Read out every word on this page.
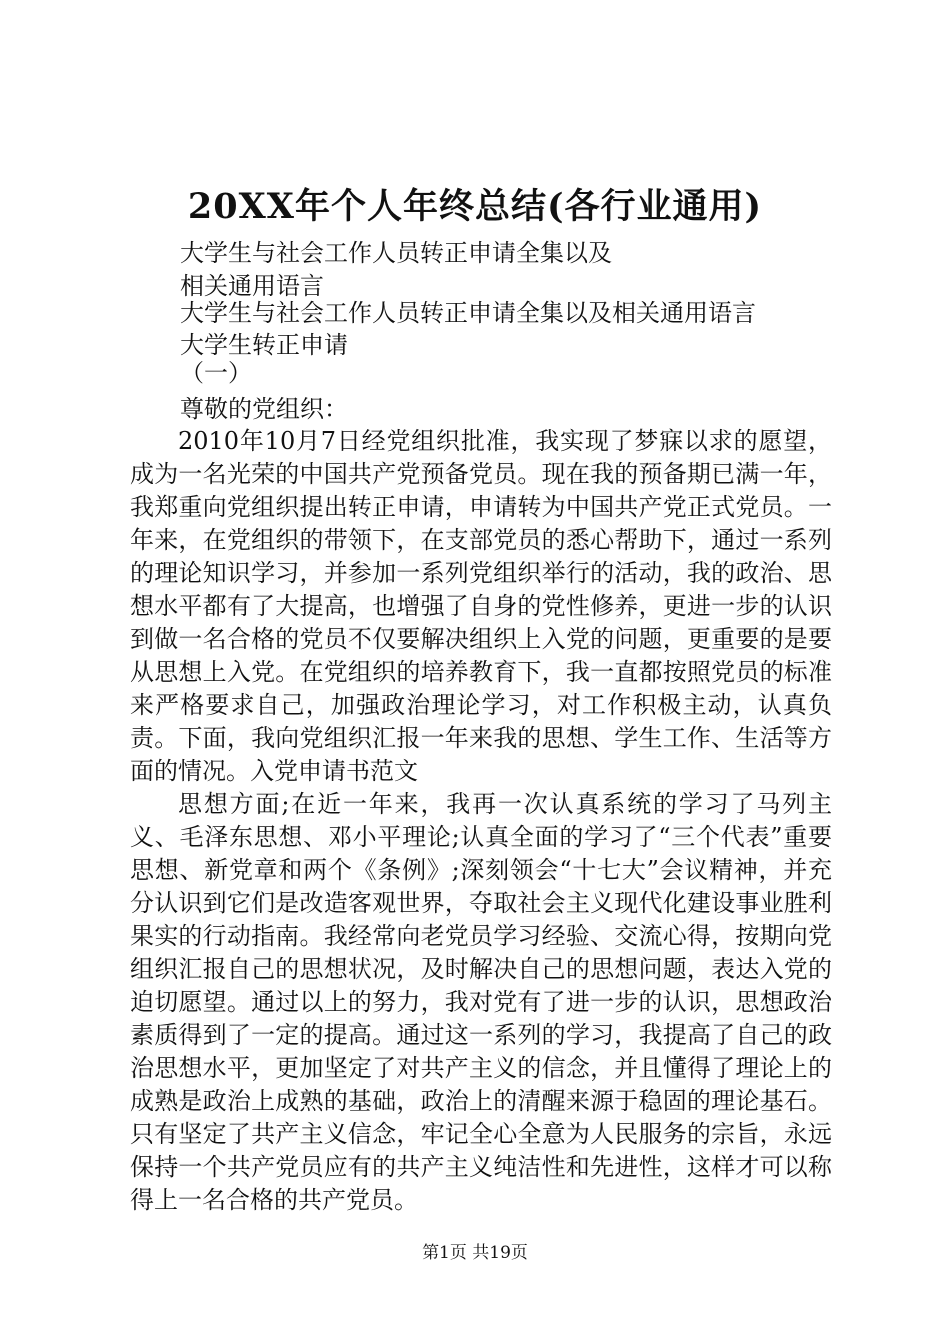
20XX年个人年终总结(各行业通用)
大学生与社会工作人员转正申请全集以及
相关通用语言
大学生与社会工作人员转正申请全集以及相关通用语言
大学生转正申请
（一）
尊敬的党组织：

2010年10月7日经党组织批准，我实现了梦寐以求的愿望，成为一名光荣的中国共产党预备党员。现在我的预备期已满一年，我郑重向党组织提出转正申请，申请转为中国共产党正式党员。一年来，在党组织的带领下，在支部党员的悉心帮助下，通过一系列的理论知识学习，并参加一系列党组织举行的活动，我的政治、思想水平都有了大提高，也增强了自身的党性修养，更进一步的认识到做一名合格的党员不仅要解决组织上入党的问题，更重要的是要从思想上入党。在党组织的培养教育下，我一直都按照党员的标准来严格要求自己，加强政治理论学习，对工作积极主动，认真负责。下面，我向党组织汇报一年来我的思想、学生工作、生活等方面的情况。入党申请书范文

思想方面;在近一年来，我再一次认真系统的学习了马列主义、毛泽东思想、邓小平理论;认真全面的学习了“三个代表”重要思想、新党章和两个《条例》;深刻领会“十七大”会议精神，并充分认识到它们是改造客观世界，夺取社会主义现代化建设事业胜利果实的行动指南。我经常向老党员学习经验、交流心得，按期向党组织汇报自己的思想状况，及时解决自己的思想问题，表达入党的迫切愿望。通过以上的努力，我对党有了进一步的认识，思想政治素质得到了一定的提高。通过这一系列的学习，我提高了自己的政治思想水平，更加坚定了对共产主义的信念，并且懂得了理论上的成熟是政治上成熟的基础，政治上的清醒来源于稳固的理论基石。只有坚定了共产主义信念，牢记全心全意为人民服务的宗旨，永远保持一个共产党员应有的共产主义纯洁性和先进性，这样才可以称得上一名合格的共产党员。

第1页 共19页
